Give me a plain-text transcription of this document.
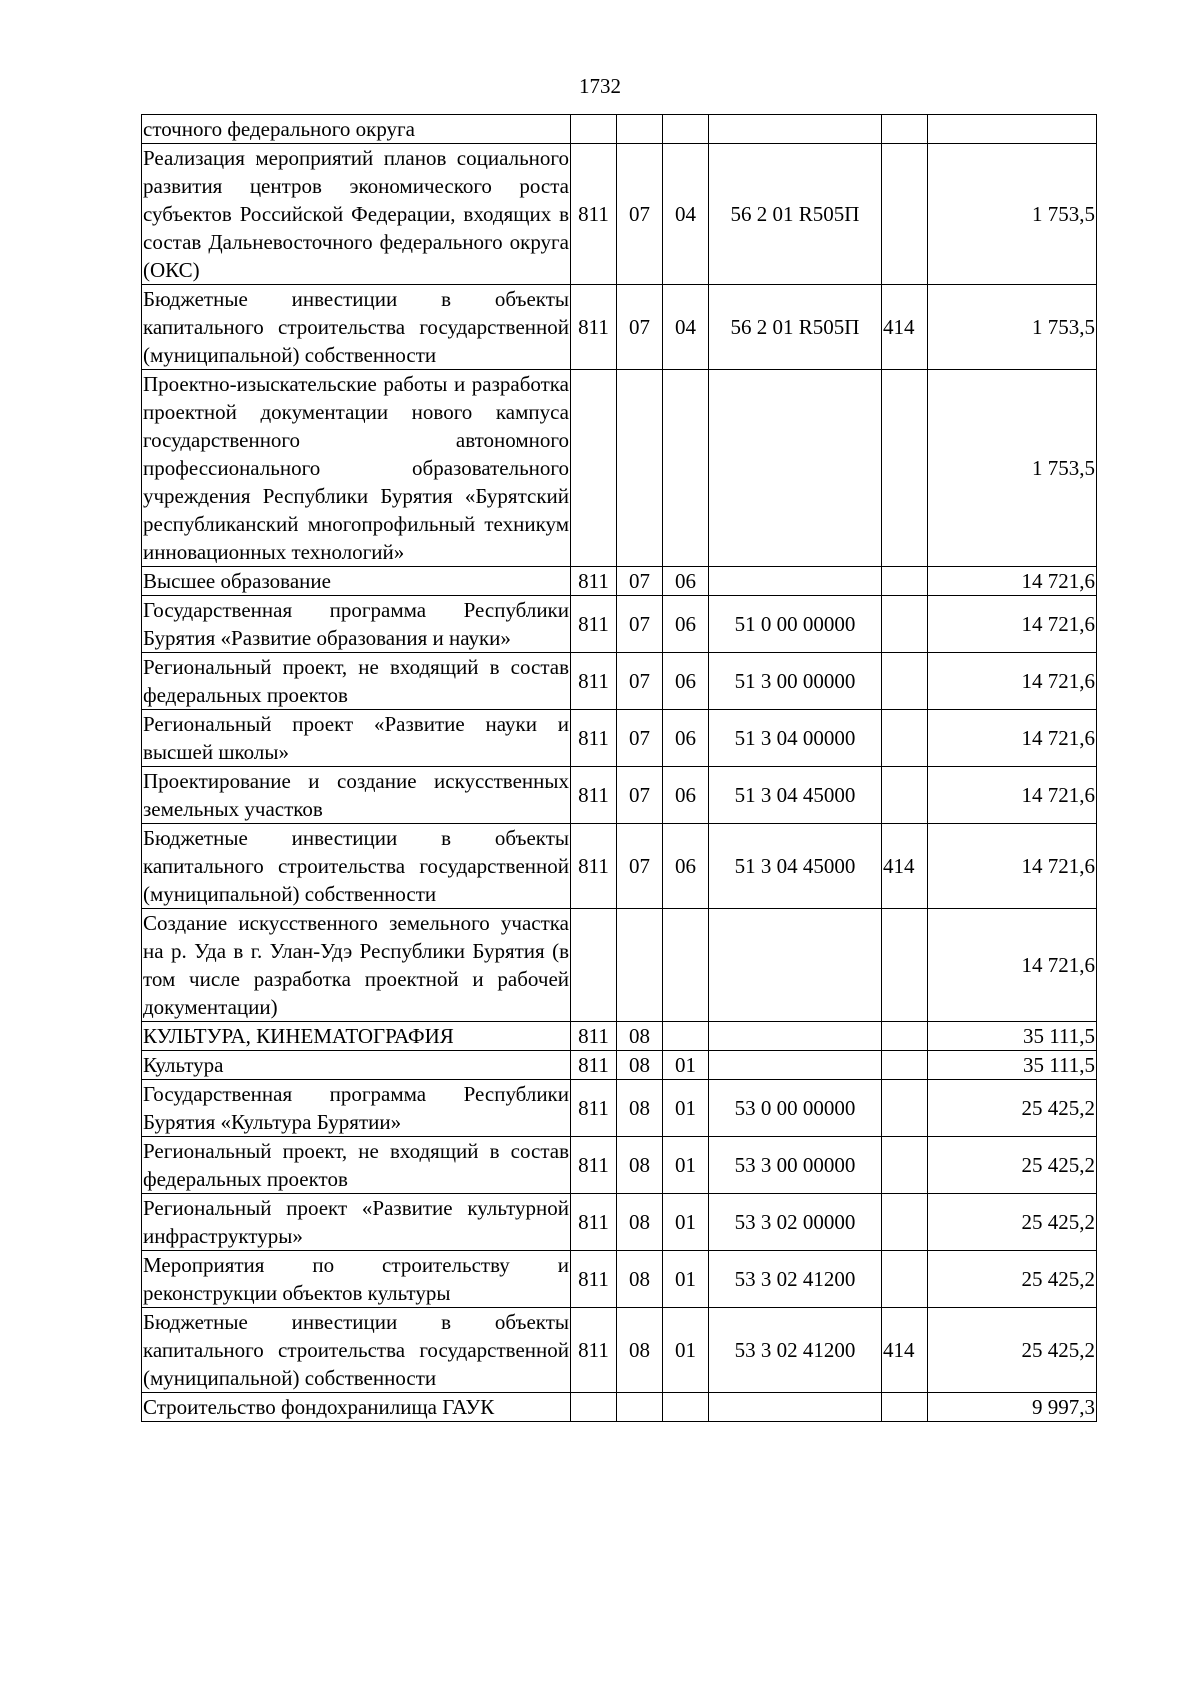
1732
сточного федерального округа						
Реализация мероприятий планов социального развития центров экономического роста субъектов Российской Федерации, входящих в состав Дальневосточного федерального округа (ОКС)	811	07	04	56 2 01 R505П		1 753,5
Бюджетные инвестиции в объекты капитального строительства государственной (муниципальной) собственности	811	07	04	56 2 01 R505П	414	1 753,5
Проектно-изыскательские работы и разработка проектной документации нового кампуса государственного автономного профессионального образовательного учреждения Республики Бурятия «Бурятский республиканский многопрофильный техникум инновационных технологий»						1 753,5
Высшее образование	811	07	06			14 721,6
Государственная программа Республики Бурятия «Развитие образования и науки»	811	07	06	51 0 00 00000		14 721,6
Региональный проект, не входящий в состав федеральных проектов	811	07	06	51 3 00 00000		14 721,6
Региональный проект «Развитие науки и высшей школы»	811	07	06	51 3 04 00000		14 721,6
Проектирование и создание искусственных земельных участков	811	07	06	51 3 04 45000		14 721,6
Бюджетные инвестиции в объекты капитального строительства государственной (муниципальной) собственности	811	07	06	51 3 04 45000	414	14 721,6
Создание искусственного земельного участка на р. Уда в г. Улан-Удэ Республики Бурятия (в том числе разработка проектной и рабочей документации)						14 721,6
КУЛЬТУРА, КИНЕМАТОГРАФИЯ	811	08				35 111,5
Культура	811	08	01			35 111,5
Государственная программа Республики Бурятия «Культура Бурятии»	811	08	01	53 0 00 00000		25 425,2
Региональный проект, не входящий в состав федеральных проектов	811	08	01	53 3 00 00000		25 425,2
Региональный проект «Развитие культурной инфраструктуры»	811	08	01	53 3 02 00000		25 425,2
Мероприятия по строительству и реконструкции объектов культуры	811	08	01	53 3 02 41200		25 425,2
Бюджетные инвестиции в объекты капитального строительства государственной (муниципальной) собственности	811	08	01	53 3 02 41200	414	25 425,2
Строительство фондохранилища ГАУК						9 997,3
